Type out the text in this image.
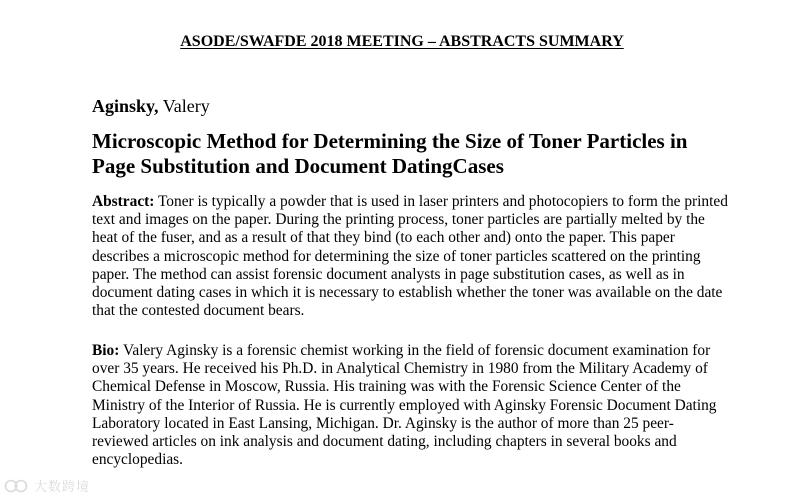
ASODE/SWAFDE 2018 MEETING – ABSTRACTS SUMMARY
Aginsky, Valery
Microscopic Method for Determining the Size of Toner Particles in
Page Substitution and Document DatingCases
Abstract: Toner is typically a powder that is used in laser printers and photocopiers to form the printed text and images on the paper. During the printing process, toner particles are partially melted by the heat of the fuser, and as a result of that they bind (to each other and) onto the paper. This paper describes a microscopic method for determining the size of toner particles scattered on the printing paper. The method can assist forensic document analysts in page substitution cases, as well as in document dating cases in which it is necessary to establish whether the toner was available on the date that the contested document bears.
Bio: Valery Aginsky is a forensic chemist working in the field of forensic document examination for over 35 years. He received his Ph.D. in Analytical Chemistry in 1980 from the Military Academy of Chemical Defense in Moscow, Russia. His training was with the Forensic Science Center of the Ministry of the Interior of Russia. He is currently employed with Aginsky Forensic Document Dating Laboratory located in East Lansing, Michigan. Dr. Aginsky is the author of more than 25 peer-reviewed articles on ink analysis and document dating, including chapters in several books and encyclopedias.
大数跨境
